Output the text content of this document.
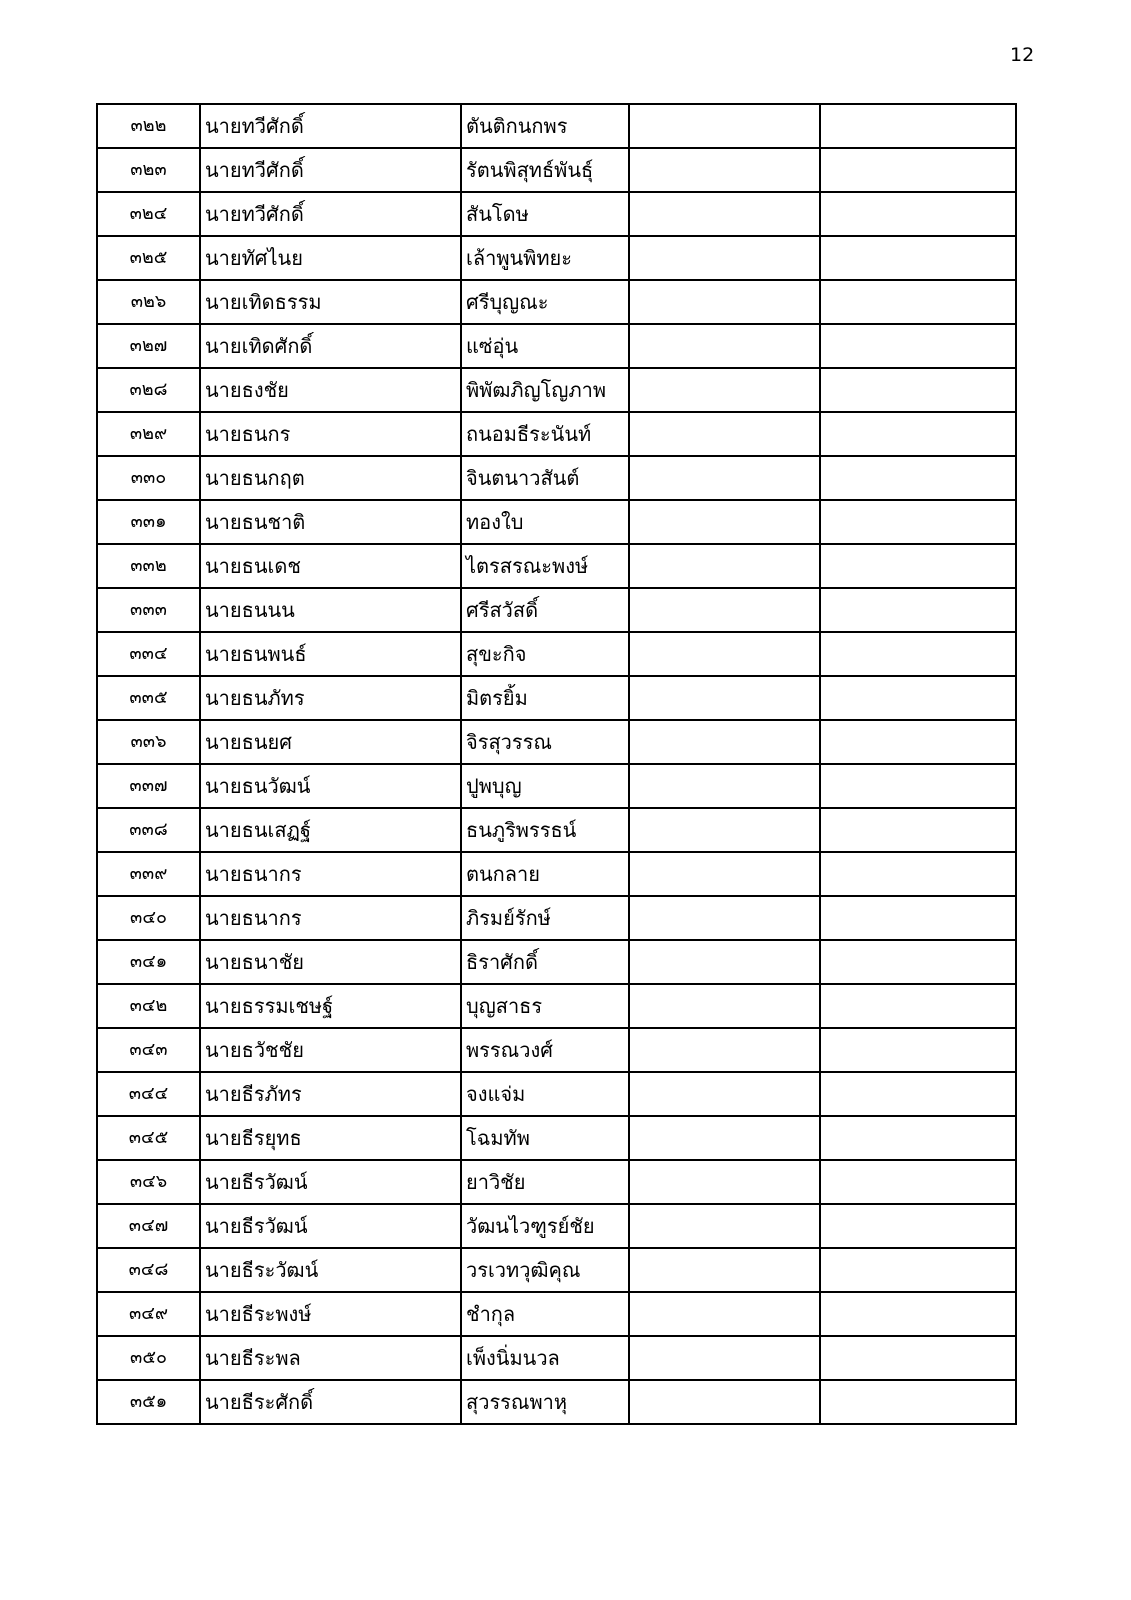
12
๓๒๒	นายทวีศักดิ์	ตันติกนกพร		
๓๒๓	นายทวีศักดิ์	รัตนพิสุทธ์พันธุ์		
๓๒๔	นายทวีศักดิ์	สันโดษ		
๓๒๕	นายทัศไนย	เล้าพูนพิทยะ		
๓๒๖	นายเทิดธรรม	ศรีบุญณะ		
๓๒๗	นายเทิดศักดิ์	แซ่อุ่น		
๓๒๘	นายธงชัย	พิพัฒภิญโญภาพ		
๓๒๙	นายธนกร	ถนอมธีระนันท์		
๓๓๐	นายธนกฤต	จินตนาวสันต์		
๓๓๑	นายธนชาติ	ทองใบ		
๓๓๒	นายธนเดช	ไตรสรณะพงษ์		
๓๓๓	นายธนนน	ศรีสวัสดิ์		
๓๓๔	นายธนพนธ์	สุขะกิจ		
๓๓๕	นายธนภัทร	มิตรยิ้ม		
๓๓๖	นายธนยศ	จิรสุวรรณ		
๓๓๗	นายธนวัฒน์	ปูพบุญ		
๓๓๘	นายธนเสฏฐ์	ธนภูริพรรธน์		
๓๓๙	นายธนากร	ตนกลาย		
๓๔๐	นายธนากร	ภิรมย์รักษ์		
๓๔๑	นายธนาชัย	ธิราศักดิ์		
๓๔๒	นายธรรมเชษฐ์	บุญสาธร		
๓๔๓	นายธวัชชัย	พรรณวงศ์		
๓๔๔	นายธีรภัทร	จงแจ่ม		
๓๔๕	นายธีรยุทธ	โฉมทัพ		
๓๔๖	นายธีรวัฒน์	ยาวิชัย		
๓๔๗	นายธีรวัฒน์	วัฒนไวฑูรย์ชัย		
๓๔๘	นายธีระวัฒน์	วรเวทวุฒิคุณ		
๓๔๙	นายธีระพงษ์	ชำกุล		
๓๕๐	นายธีระพล	เพ็งนิ่มนวล		
๓๕๑	นายธีระศักดิ์	สุวรรณพาหุ		
